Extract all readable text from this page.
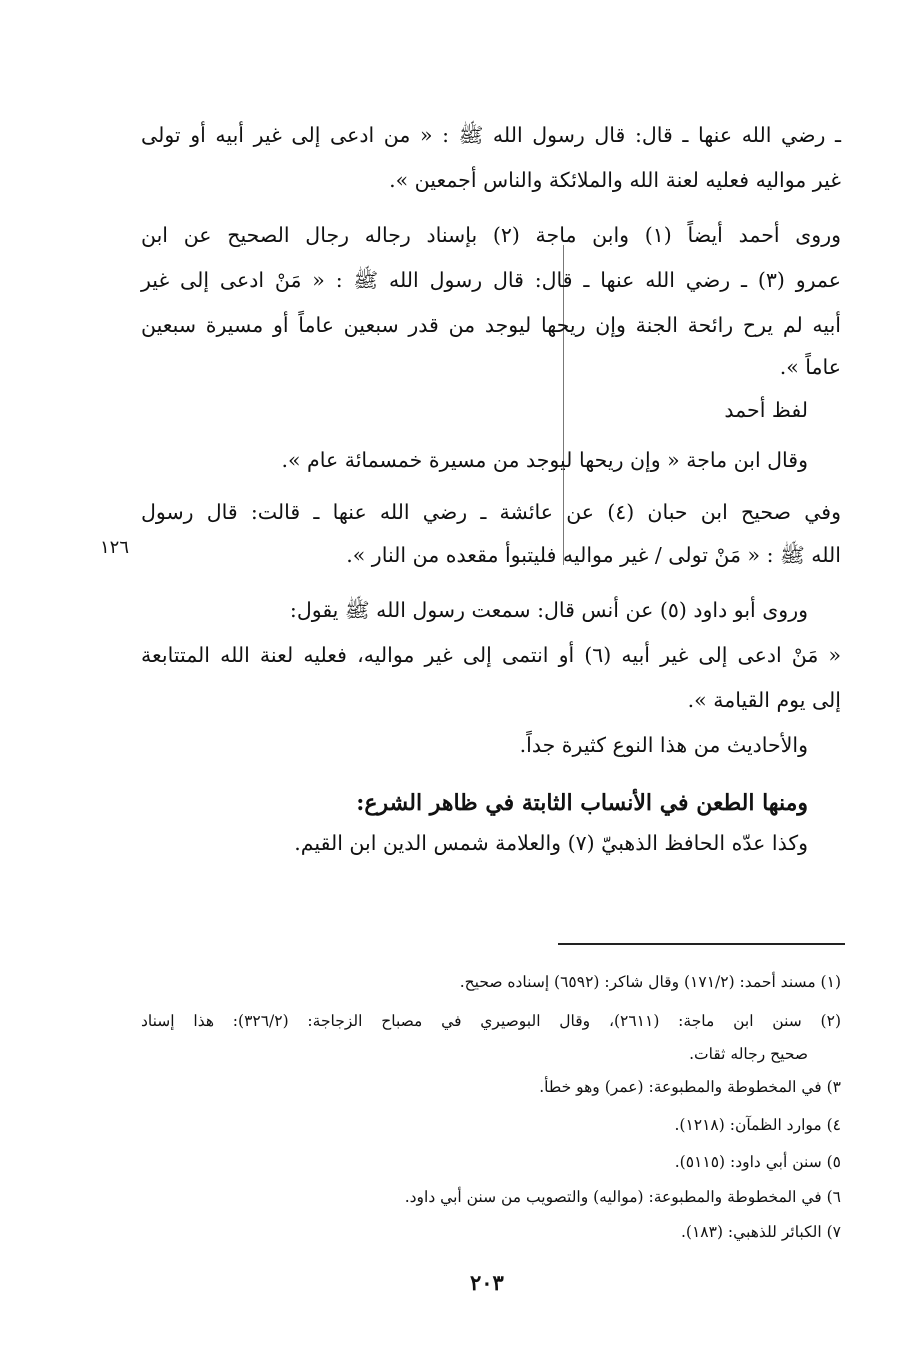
ـ رضي الله عنها ـ قال: قال رسول الله ﷺ : « من ادعى إلى غير أبيه أو تولى
غير مواليه فعليه لعنة الله والملائكة والناس أجمعين ».
وروى أحمد أيضاً (١) وابن ماجة (٢) بإسناد رجاله رجال الصحيح عن ابن
عمرو (٣) ـ رضي الله عنها ـ قال: قال رسول الله ﷺ : « مَنْ ادعى إلى غير
أبيه لم يرح رائحة الجنة وإن ريحها ليوجد من قدر سبعين عاماً أو مسيرة سبعين
عاماً ».
لفظ أحمد
وقال ابن ماجة « وإن ريحها ليوجد من مسيرة خمسمائة عام ».
وفي صحيح ابن حبان (٤) عن عائشة ـ رضي الله عنها ـ قالت: قال رسول
الله ﷺ : « مَنْ تولى / غير مواليه فليتبوأ مقعده من النار ».
١٢٦
وروى أبو داود (٥) عن أنس قال: سمعت رسول الله ﷺ يقول:
« مَنْ ادعى إلى غير أبيه (٦) أو انتمى إلى غير مواليه، فعليه لعنة الله المتتابعة
إلى يوم القيامة ».
والأحاديث من هذا النوع كثيرة جداً.
ومنها الطعن في الأنساب الثابتة في ظاهر الشرع:
وكذا عدّه الحافظ الذهبيّ (٧) والعلامة شمس الدين ابن القيم.
(١) مسند أحمد: (١٧١/٢) وقال شاكر: (٦٥٩٢) إسناده صحيح.
(٢) سنن ابن ماجة: (٢٦١١)، وقال البوصيري في مصباح الزجاجة: (٣٢٦/٢): هذا إسناد
صحيح رجاله ثقات.
٣) في المخطوطة والمطبوعة: (عمر) وهو خطأ.
٤) موارد الظمآن: (١٢١٨).
٥) سنن أبي داود: (٥١١٥).
٦) في المخطوطة والمطبوعة: (مواليه) والتصويب من سنن أبي داود.
٧) الكبائر للذهبي: (١٨٣).
٢٠٣
